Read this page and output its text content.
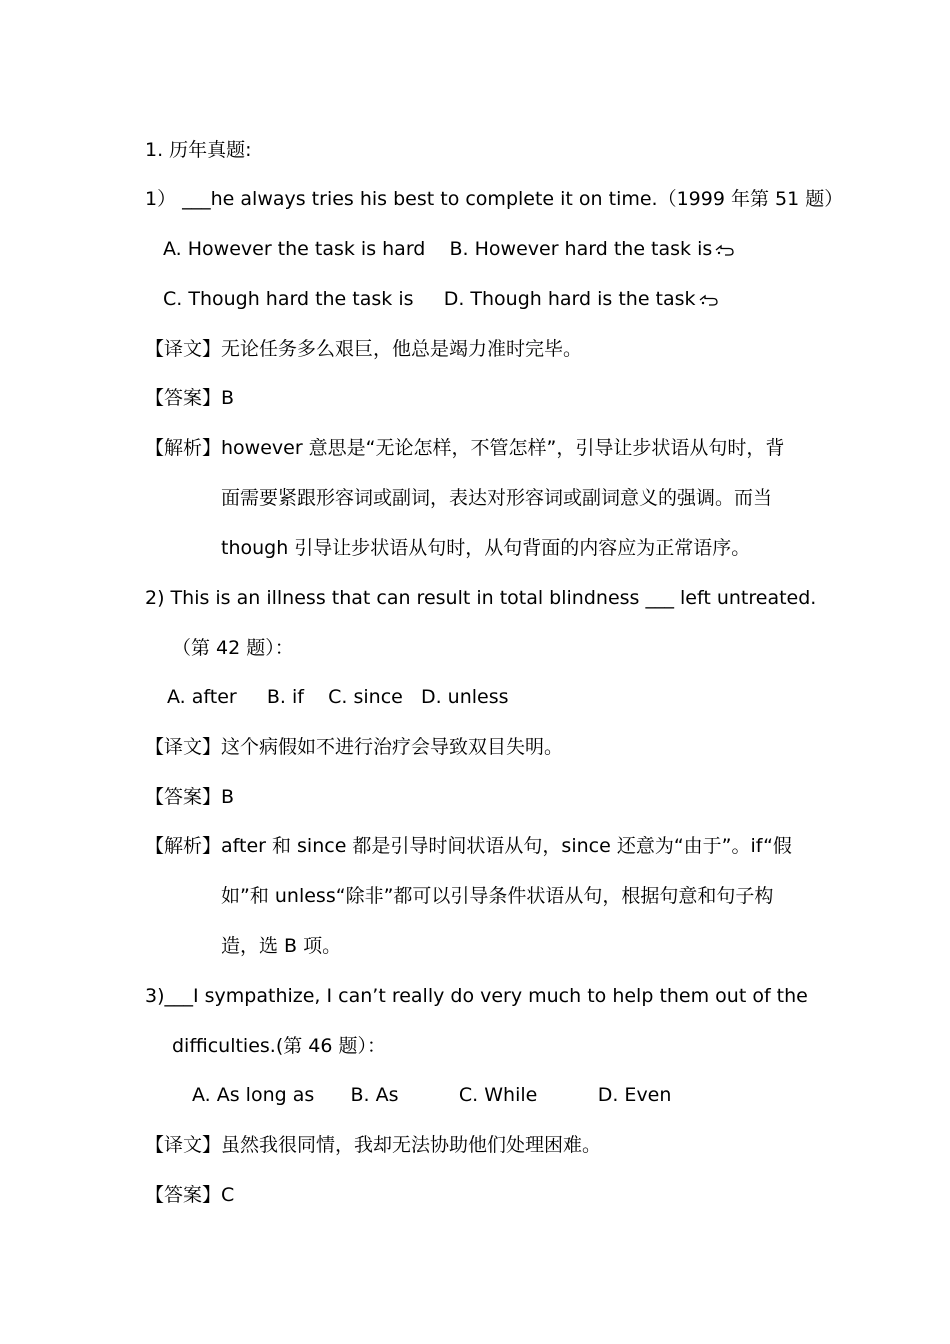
1. 历年真题:
1） ___he always tries his best to complete it on time.（1999 年第 51 题）
A. However the task is hard    B. However hard the task is
C. Though hard the task is     D. Though hard is the task
【译文】无论任务多么艰巨，他总是竭力准时完毕。
【答案】B
【解析】however 意思是“无论怎样，不管怎样”，引导让步状语从句时，背
面需要紧跟形容词或副词，表达对形容词或副词意义的强调。而当
though 引导让步状语从句时，从句背面的内容应为正常语序。
2) This is an illness that can result in total blindness ___ left untreated.
（第 42 题）：
A. after     B. if    C. since   D. unless
【译文】这个病假如不进行治疗会导致双目失明。
【答案】B
【解析】after 和 since 都是引导时间状语从句，since 还意为“由于”。if“假
如”和 unless“除非”都可以引导条件状语从句，根据句意和句子构
造，选 B 项。
3)___I sympathize, I can’t really do very much to help them out of the
difficulties.(第 46 题）：
A. As long as      B. As          C. While          D. Even
【译文】虽然我很同情，我却无法协助他们处理困难。
【答案】C
